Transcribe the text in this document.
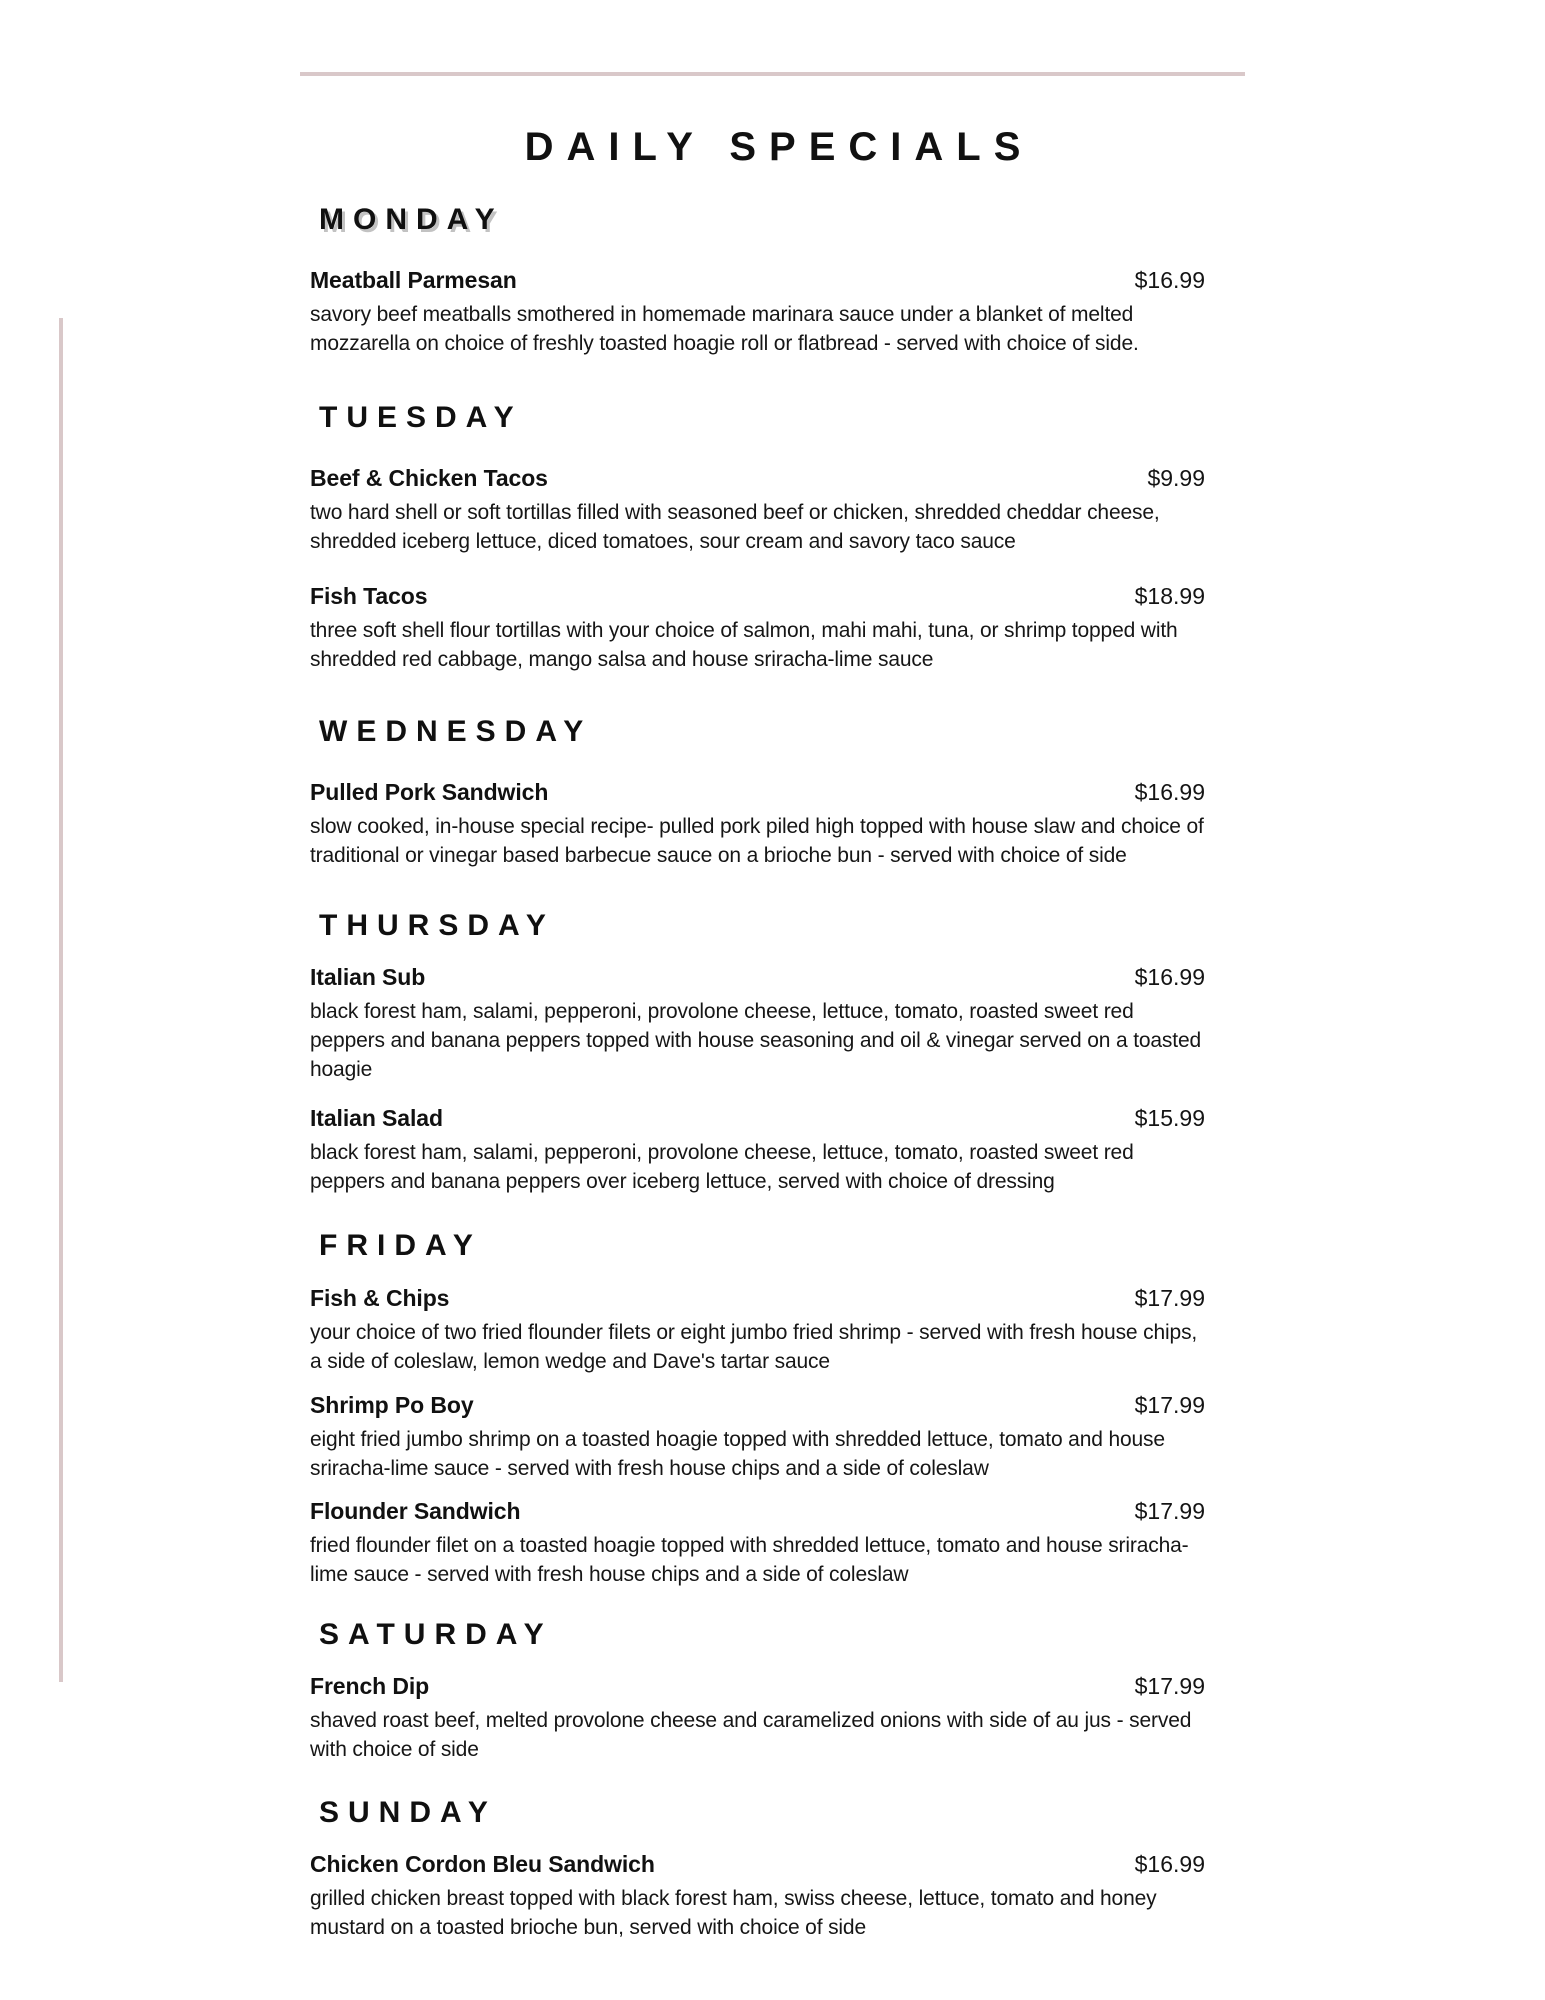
DAILY SPECIALS
MONDAY
Meatball Parmesan	$16.99
savory beef meatballs smothered in homemade marinara sauce under a blanket of melted mozzarella on choice of freshly toasted hoagie roll or flatbread - served with choice of side.
TUESDAY
Beef & Chicken Tacos	$9.99
two hard shell or soft tortillas filled with seasoned beef or chicken, shredded cheddar cheese, shredded iceberg lettuce, diced tomatoes, sour cream and savory taco sauce
Fish Tacos	$18.99
three soft shell flour tortillas with your choice of salmon, mahi mahi, tuna, or shrimp topped with shredded red cabbage, mango salsa and house sriracha-lime sauce
WEDNESDAY
Pulled Pork Sandwich	$16.99
slow cooked, in-house special recipe- pulled pork piled high topped with house slaw and choice of traditional or vinegar based barbecue sauce on a brioche bun - served with choice of side
THURSDAY
Italian Sub	$16.99
black forest ham, salami, pepperoni, provolone cheese, lettuce, tomato, roasted sweet red peppers and banana peppers topped with house seasoning and oil & vinegar served on a toasted hoagie
Italian Salad	$15.99
black forest ham, salami, pepperoni, provolone cheese, lettuce, tomato, roasted sweet red peppers and banana peppers over iceberg lettuce, served with choice of dressing
FRIDAY
Fish & Chips	$17.99
your choice of two fried flounder filets or eight jumbo fried shrimp - served with fresh house chips, a side of coleslaw, lemon wedge and Dave's tartar sauce
Shrimp Po Boy	$17.99
eight fried jumbo shrimp on a toasted hoagie topped with shredded lettuce, tomato and house sriracha-lime sauce - served with fresh house chips and a side of coleslaw
Flounder Sandwich	$17.99
fried flounder filet on a toasted hoagie topped with shredded lettuce, tomato and house sriracha-lime sauce - served with fresh house chips and a side of coleslaw
SATURDAY
French Dip	$17.99
shaved roast beef, melted provolone cheese and caramelized onions with side of au jus - served with choice of side
SUNDAY
Chicken Cordon Bleu Sandwich	$16.99
grilled chicken breast topped with black forest ham, swiss cheese, lettuce, tomato and honey mustard on a toasted brioche bun, served with choice of side
